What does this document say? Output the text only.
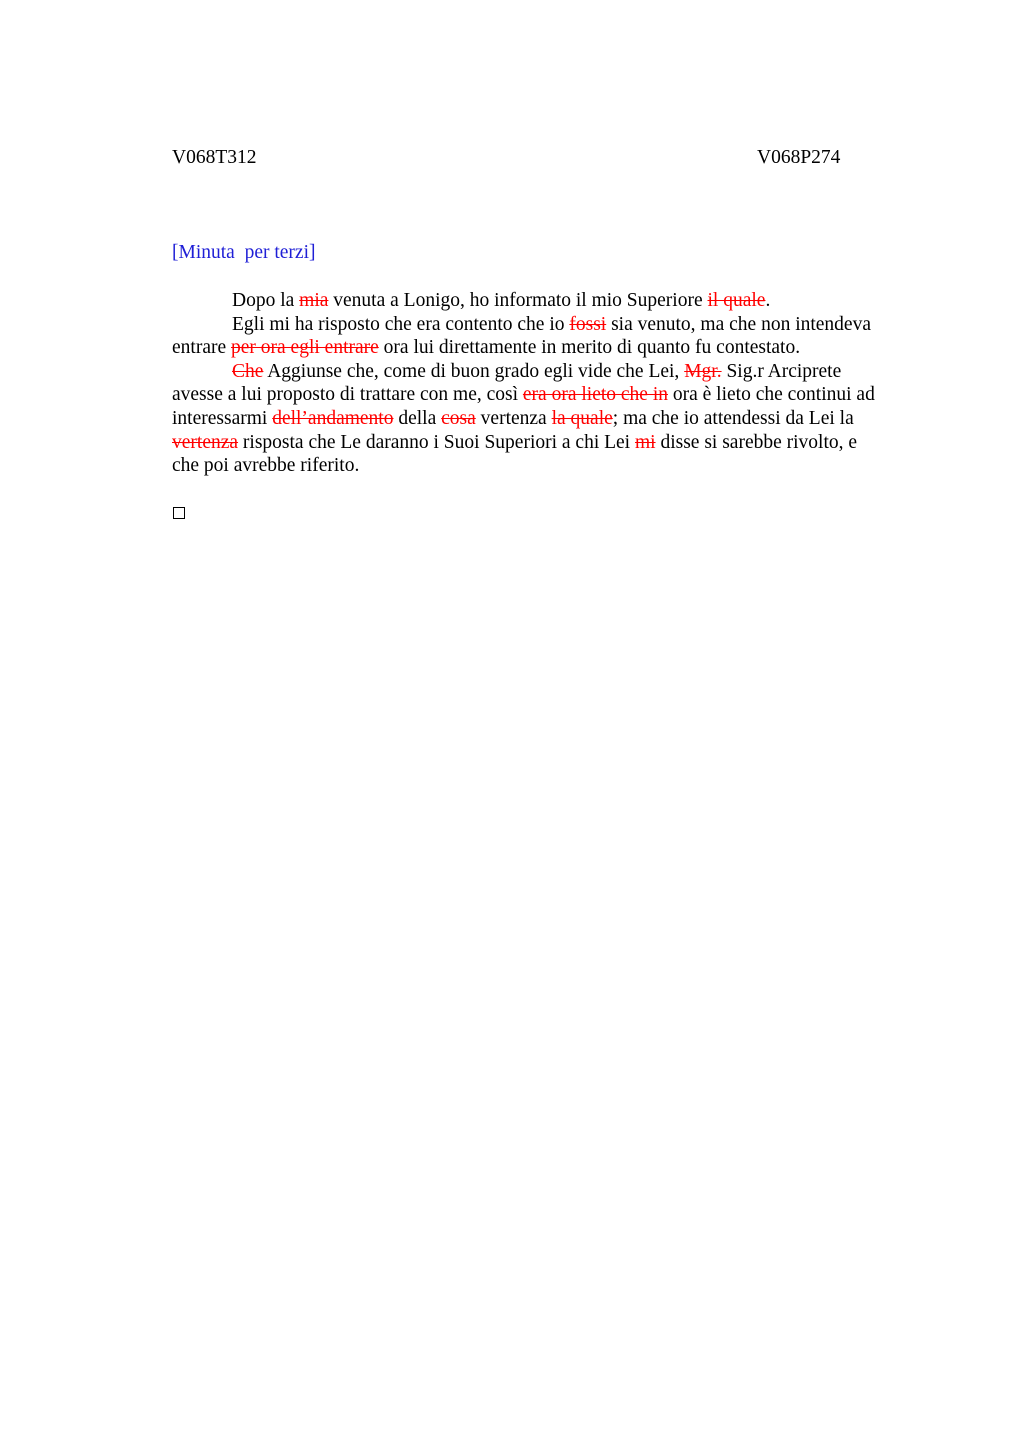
V068T312	V068P274
[Minuta  per terzi]
Dopo la mia venuta a Lonigo, ho informato il mio Superiore il quale.
Egli mi ha risposto che era contento che io fossi sia venuto, ma che non intendeva
entrare per ora egli entrare ora lui direttamente in merito di quanto fu contestato.
Che Aggiunse che, come di buon grado egli vide che Lei, Mgr. Sig.r Arciprete
avesse a lui proposto di trattare con me, così era ora lieto che in ora è lieto che continui ad
interessarmi dell’andamento della cosa vertenza la quale; ma che io attendessi da Lei la
vertenza risposta che Le daranno i Suoi Superiori a chi Lei mi disse si sarebbe rivolto, e
che poi avrebbe riferito.
